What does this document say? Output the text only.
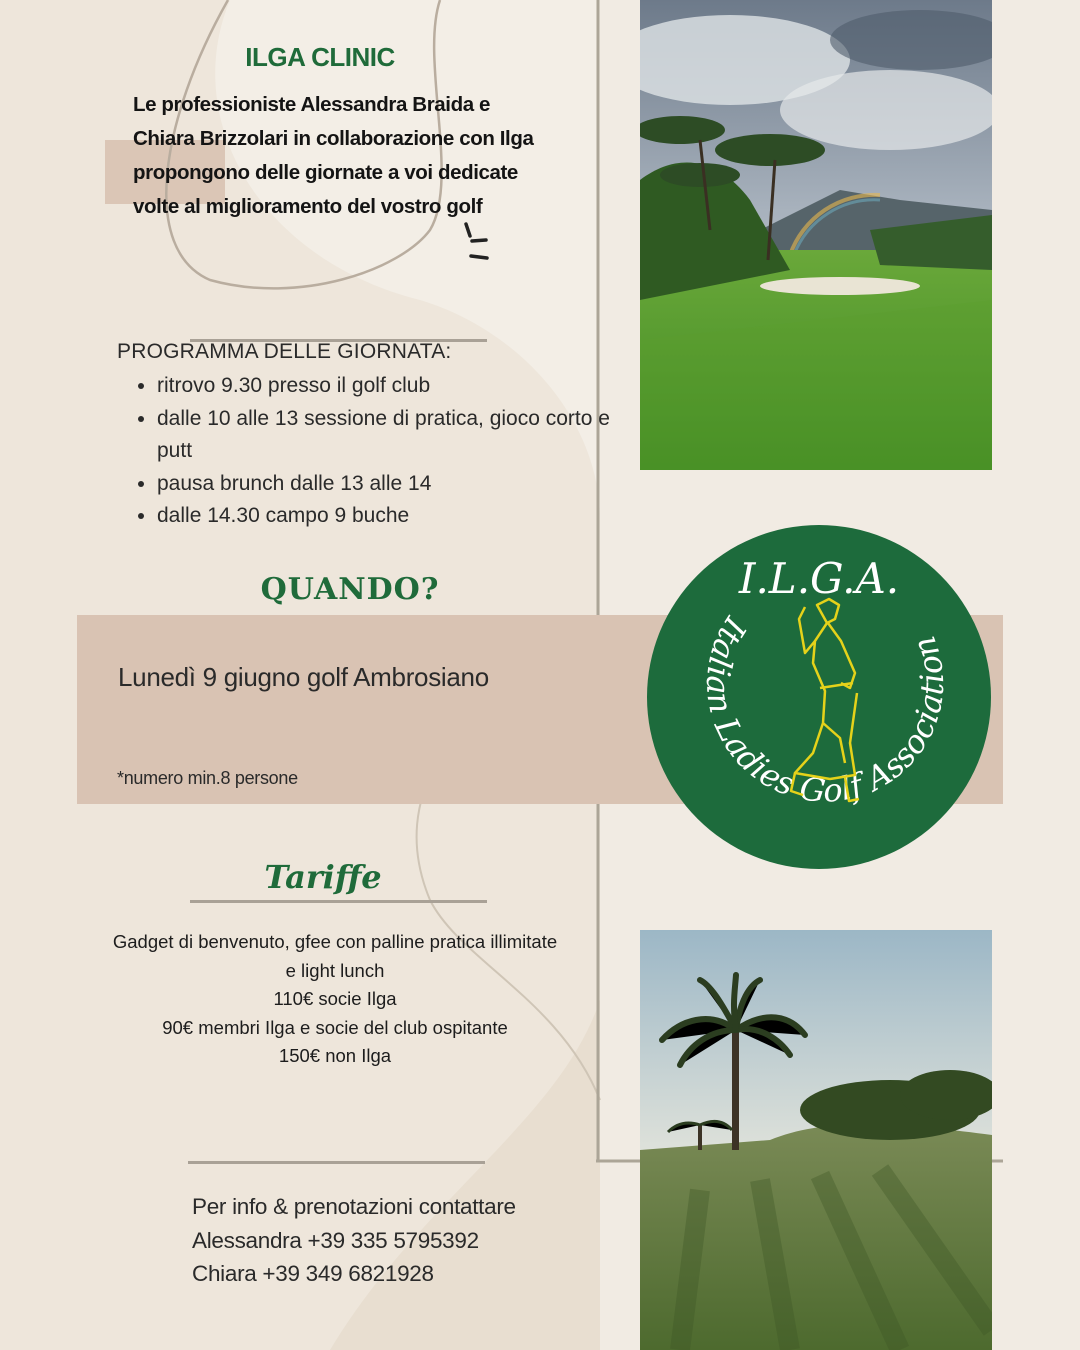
ILGA CLINIC
Le professioniste Alessandra Braida e Chiara Brizzolari in collaborazione con Ilga propongono delle giornate a voi dedicate volte al miglioramento del vostro golf
PROGRAMMA DELLE GIORNATA:
• ritrovo 9.30 presso il golf club
• dalle 10 alle 13 sessione di pratica, gioco corto e putt
• pausa brunch dalle 13 alle 14
• dalle 14.30 campo 9 buche
QUANDO?
Lunedì 9 giugno golf Ambrosiano
*numero min.8 persone
Tariffe
Gadget di benvenuto, gfee con palline pratica illimitate
e light lunch
110€ socie Ilga
90€ membri Ilga e socie del club ospitante
150€ non Ilga
Per info & prenotazioni contattare
Alessandra +39 335 5795392
Chiara +39 349 6821928
I.L.G.A.
Italian Ladies Golf Association
